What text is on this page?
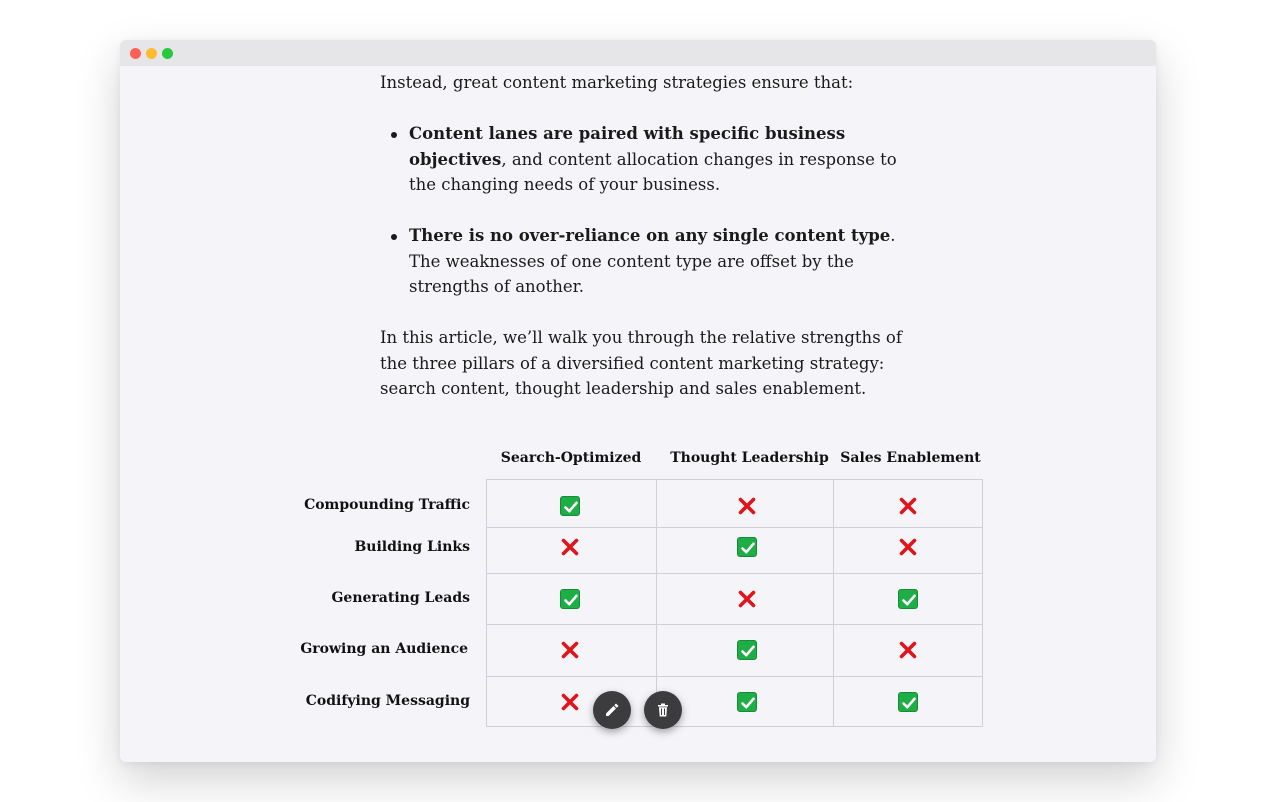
Instead, great content marketing strategies ensure that:

Content lanes are paired with specific business objectives, and content allocation changes in response to the changing needs of your business.
There is no over-reliance on any single content type. The weaknesses of one content type are offset by the strengths of another.

In this article, we’ll walk you through the relative strengths of the three pillars of a diversified content marketing strategy: search content, thought leadership and sales enablement.

Search-Optimized	Thought Leadership Sales Enablement
Compounding Traffic
Building Links
Generating Leads
Growing an Audience
Codifying Messaging
